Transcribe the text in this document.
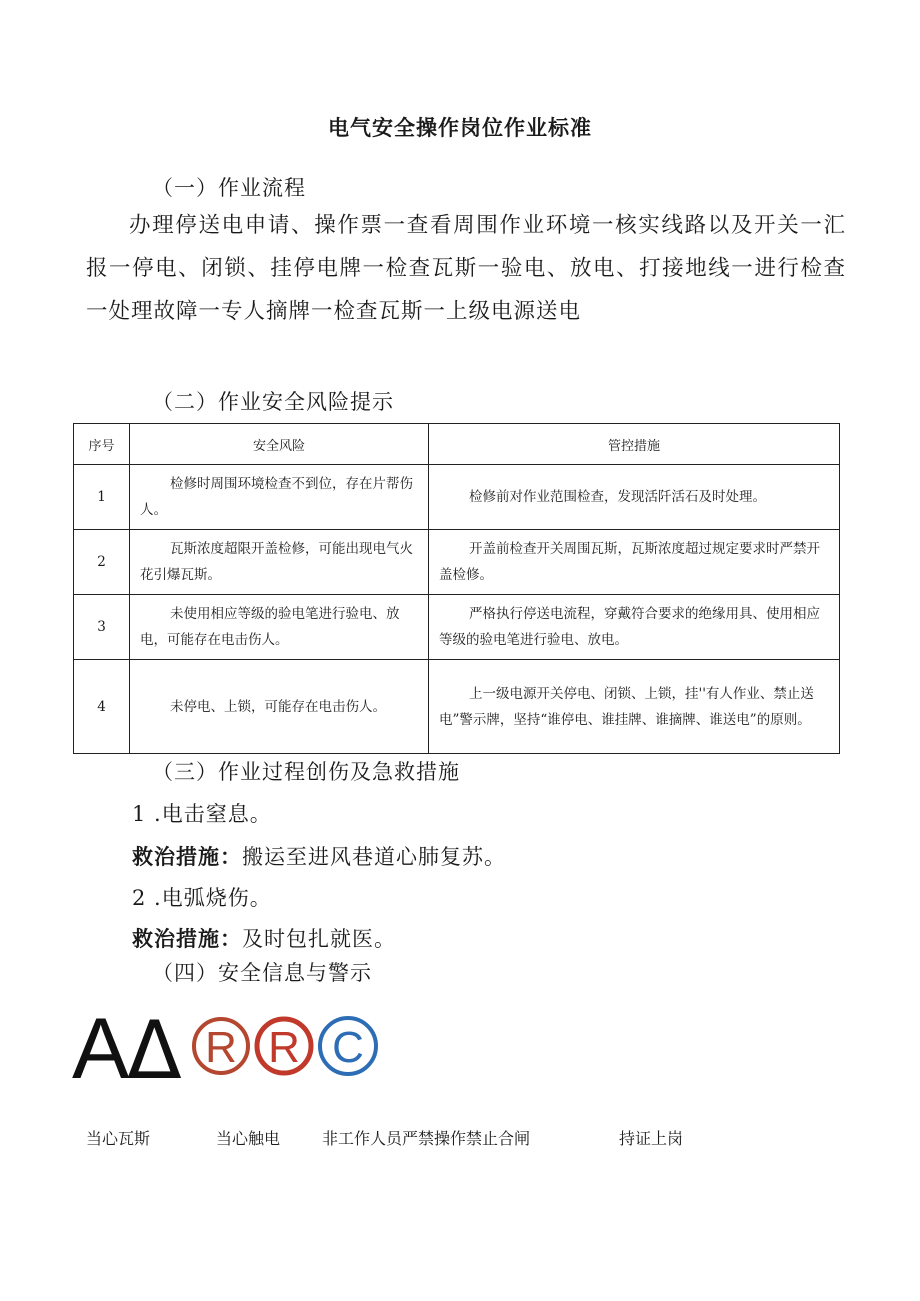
电气安全操作岗位作业标准
（一）作业流程
办理停送电申请、操作票一查看周围作业环境一核实线路以及开关一汇报一停电、闭锁、挂停电牌一检查瓦斯一验电、放电、打接地线一进行检查一处理故障一专人摘牌一检查瓦斯一上级电源送电
（二）作业安全风险提示
序号	安全风险	管控措施
1	检修时周围环境检查不到位，存在片帮伤人。	检修前对作业范围检查，发现活阡活石及时处理。
2	瓦斯浓度超限开盖检修，可能出现电气火花引爆瓦斯。	开盖前检查开关周围瓦斯，瓦斯浓度超过规定要求时严禁开盖检修。
3	未使用相应等级的验电笔进行验电、放电，可能存在电击伤人。	严格执行停送电流程，穿戴符合要求的绝缘用具、使用相应等级的验电笔进行验电、放电。
4	未停电、上锁，可能存在电击伤人。	上一级电源开关停电、闭锁、上锁，挂''有人作业、禁止送电”警示牌，坚持“谁停电、谁挂牌、谁摘牌、谁送电”的原则。
（三）作业过程创伤及急救措施
1 .电击窒息。
救治措施：搬运至进风巷道心肺复苏。
2 .电弧烧伤。
救治措施：及时包扎就医。
（四）安全信息与警示
A
Δ R R C
当心瓦斯	当心触电	非工作人员严禁操作禁止合闸	持证上岗
